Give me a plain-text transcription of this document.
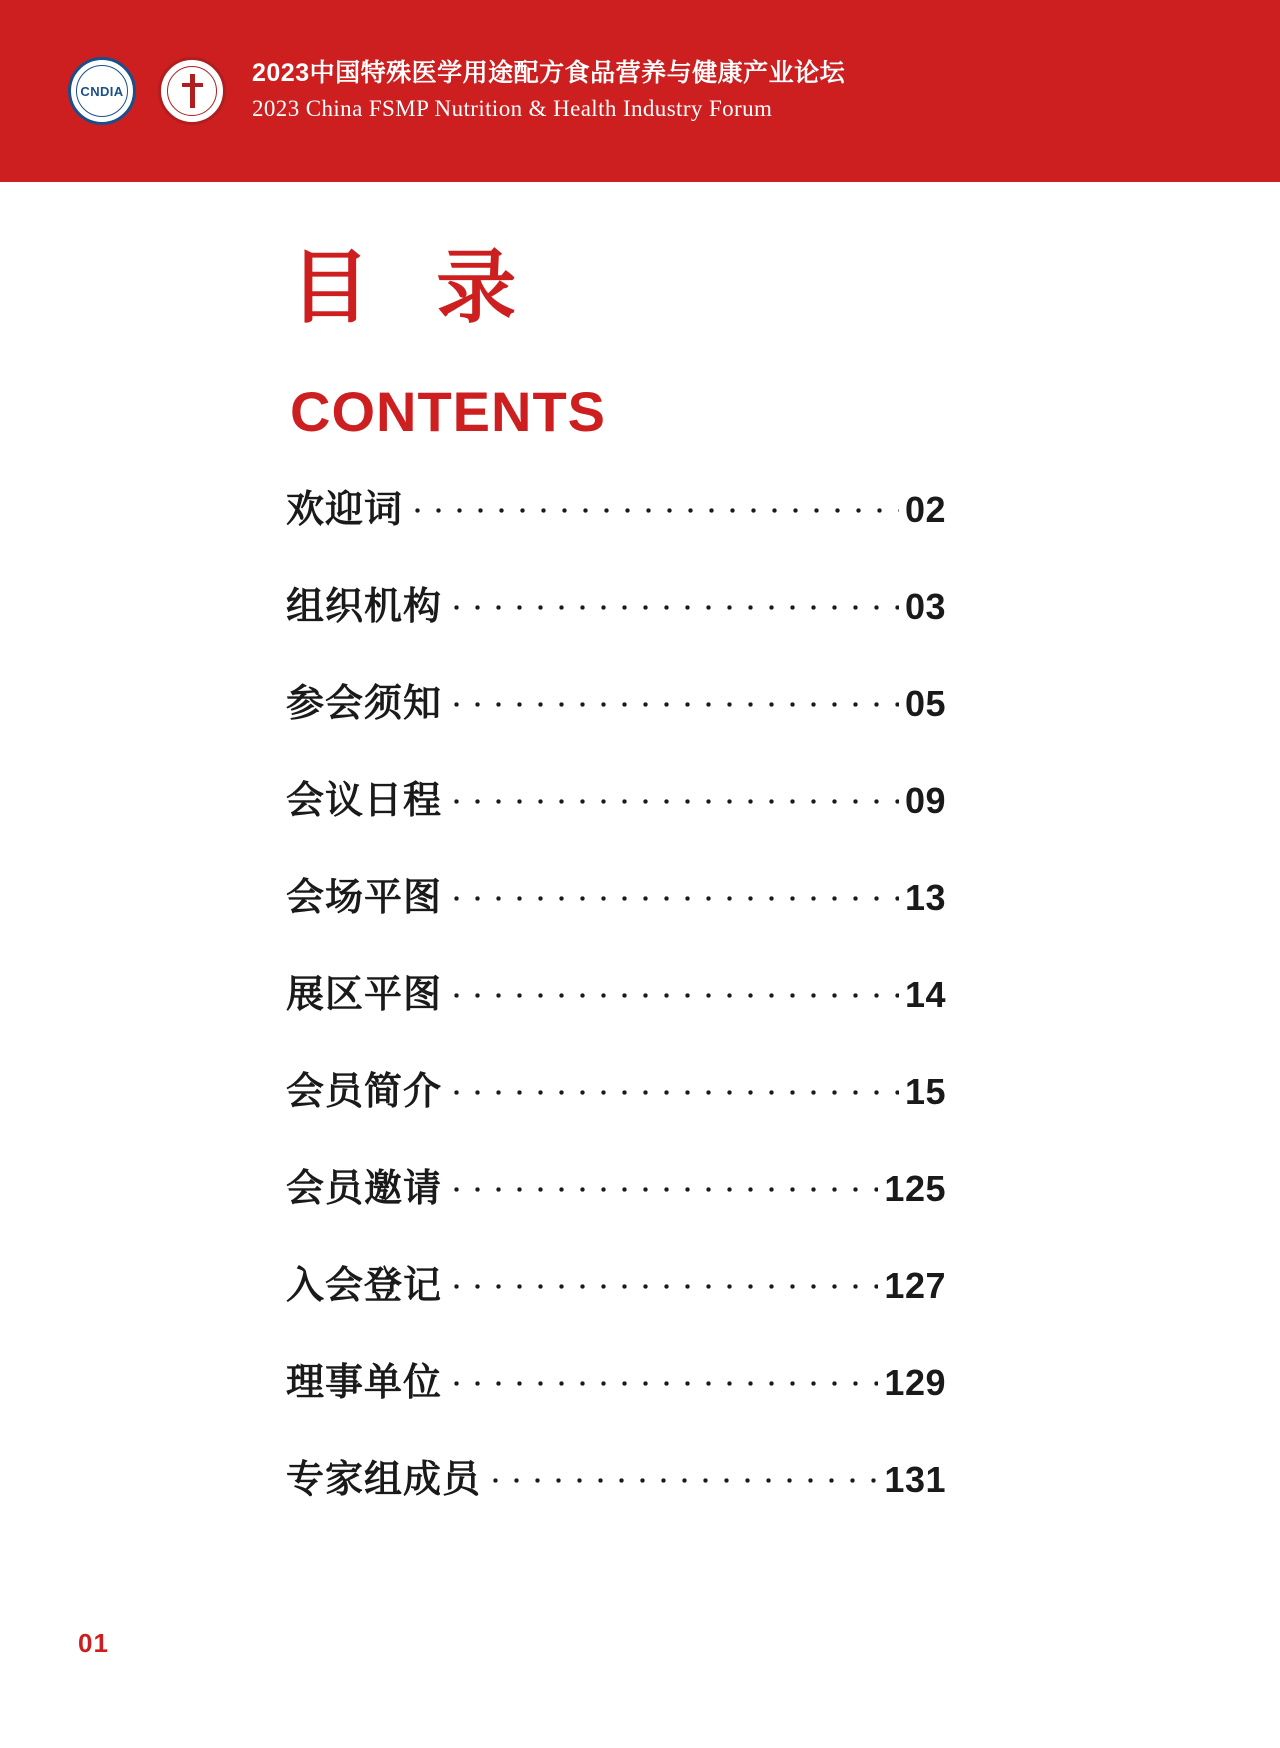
CNDIA
2023中国特殊医学用途配方食品营养与健康产业论坛
2023 China FSMP Nutrition & Health Industry Forum
目 录
CONTENTS
欢迎词	02
组织机构	03
参会须知	05
会议日程	09
会场平图	13
展区平图	14
会员简介	15
会员邀请	125
入会登记	127
理事单位	129
专家组成员	131
01
